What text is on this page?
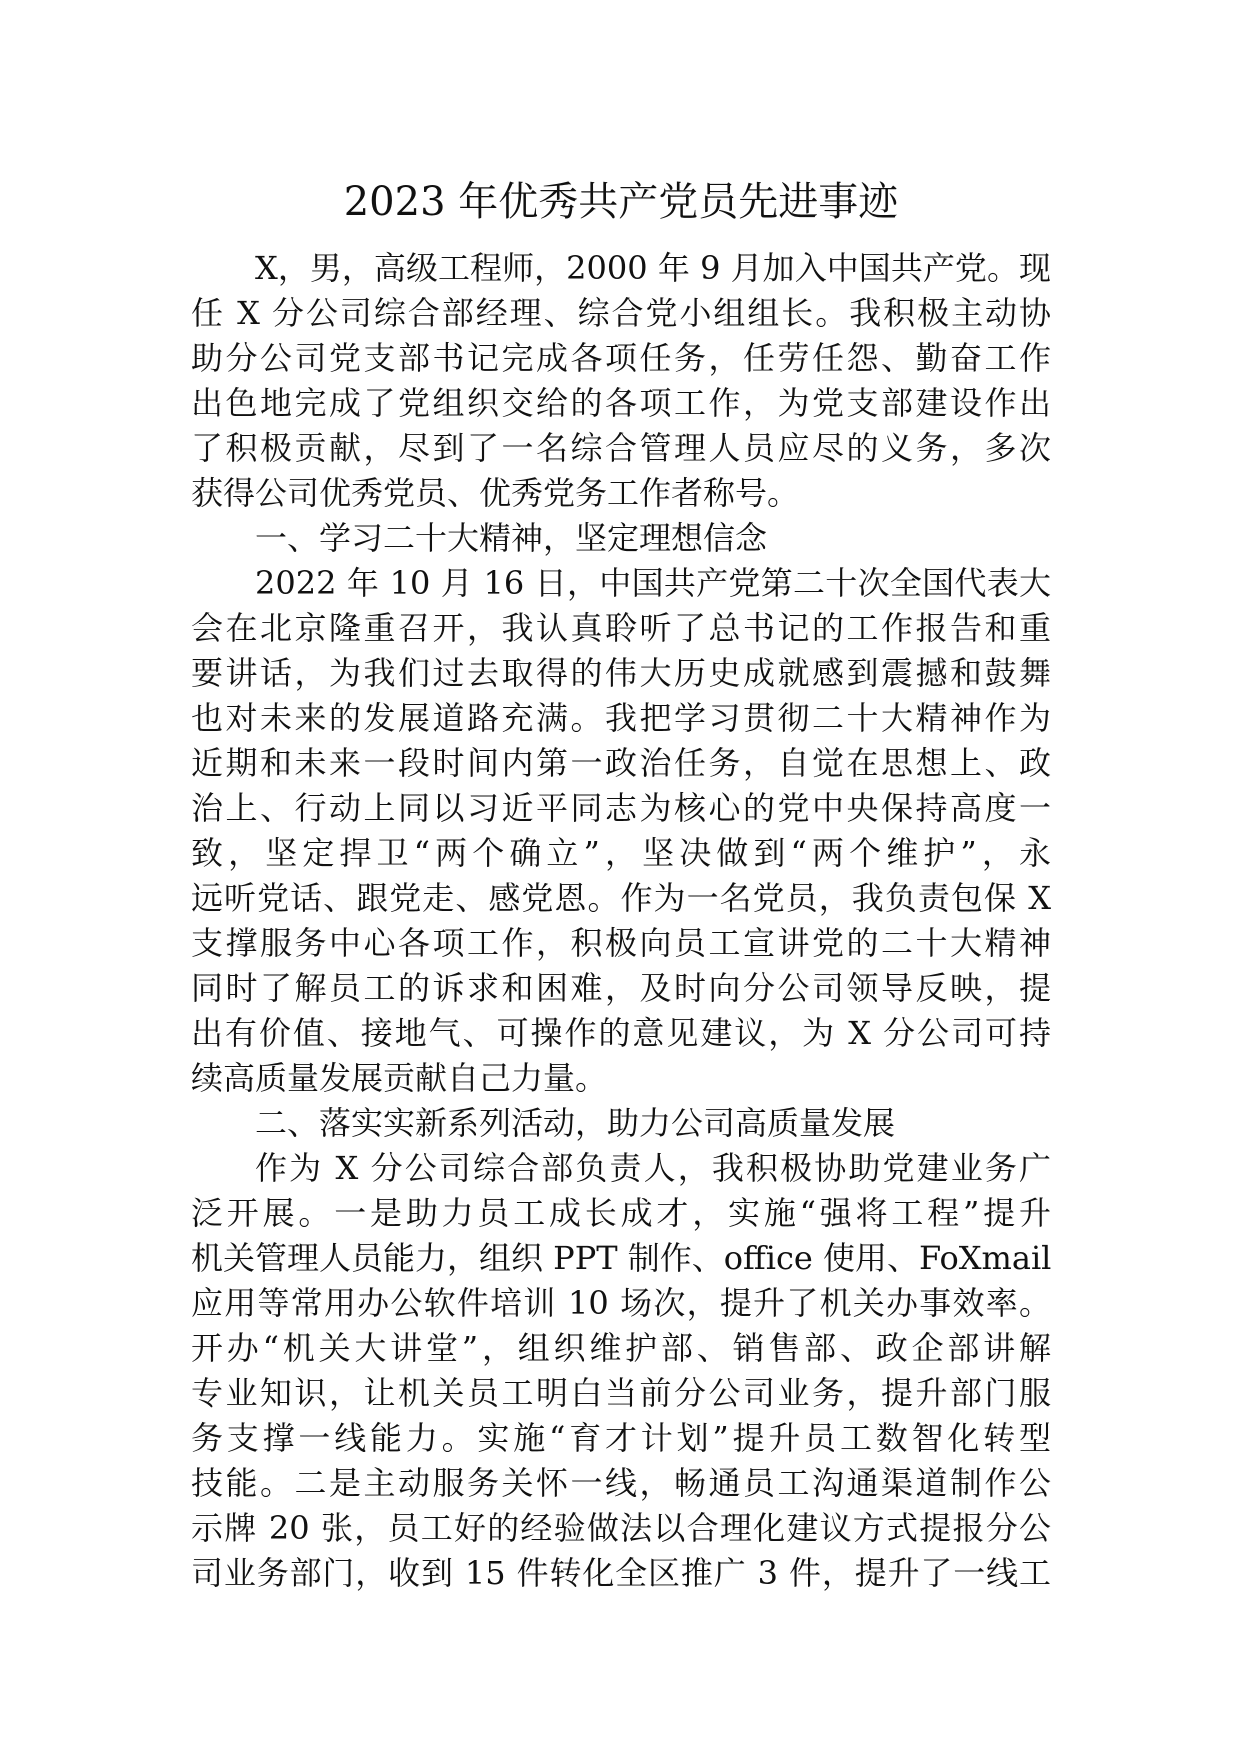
2023 年优秀共产党员先进事迹
X，男，高级工程师，2000 年 9 月加入中国共产党。现
任 X 分公司综合部经理、综合党小组组长。我积极主动协
助分公司党支部书记完成各项任务，任劳任怨、勤奋工作
出色地完成了党组织交给的各项工作，为党支部建设作出
了积极贡献，尽到了一名综合管理人员应尽的义务，多次
获得公司优秀党员、优秀党务工作者称号。
一、学习二十大精神，坚定理想信念
2022 年 10 月 16 日，中国共产党第二十次全国代表大
会在北京隆重召开，我认真聆听了总书记的工作报告和重
要讲话，为我们过去取得的伟大历史成就感到震撼和鼓舞
也对未来的发展道路充满。我把学习贯彻二十大精神作为
近期和未来一段时间内第一政治任务，自觉在思想上、政
治上、行动上同以习近平同志为核心的党中央保持高度一
致，坚定捍卫“两个确立”，坚决做到“两个维护”，永
远听党话、跟党走、感党恩。作为一名党员，我负责包保 X
支撑服务中心各项工作，积极向员工宣讲党的二十大精神
同时了解员工的诉求和困难，及时向分公司领导反映，提
出有价值、接地气、可操作的意见建议，为 X 分公司可持
续高质量发展贡献自己力量。
二、落实实新系列活动，助力公司高质量发展
作为 X 分公司综合部负责人，我积极协助党建业务广
泛开展。一是助力员工成长成才，实施“强将工程”提升
机关管理人员能力，组织 PPT 制作、office 使用、FoXmail
应用等常用办公软件培训 10 场次，提升了机关办事效率。
开办“机关大讲堂”，组织维护部、销售部、政企部讲解
专业知识，让机关员工明白当前分公司业务，提升部门服
务支撑一线能力。实施“育才计划”提升员工数智化转型
技能。二是主动服务关怀一线，畅通员工沟通渠道制作公
示牌 20 张，员工好的经验做法以合理化建议方式提报分公
司业务部门，收到 15 件转化全区推广 3 件，提升了一线工
